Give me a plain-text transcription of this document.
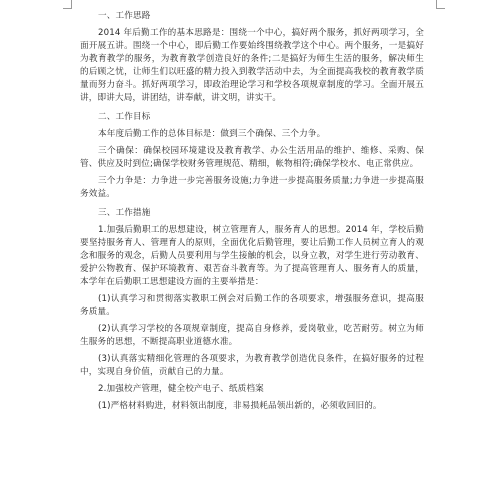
一、工作思路

2014 年后勤工作的基本思路是：围绕一个中心，搞好两个服务，抓好两项学习，全面开展五讲。围绕一个中心，即后勤工作要始终围绕教学这个中心。两个服务，一是搞好为教育教学的服务，为教育教学创造良好的条件;二是搞好为师生生活的服务，解决师生的后顾之忧，让师生们以旺盛的精力投入到教学活动中去，为全面提高我校的教育教学质量而努力奋斗。抓好两项学习，即政治理论学习和学校各项规章制度的学习。全面开展五讲，即讲大局，讲团结，讲奉献，讲文明，讲实干。

二、工作目标

本年度后勤工作的总体目标是：做到三个确保、三个力争。

三个确保：确保校园环境建设及教育教学、办公生活用品的维护、维修、采购、保管、供应及时到位;确保学校财务管理规范、精细，帐物相符;确保学校水、电正常供应。

三个力争是：力争进一步完善服务设施;力争进一步提高服务质量;力争进一步提高服务效益。

三、工作措施

1.加强后勤职工的思想建设，树立管理育人，服务育人的思想。2014 年，学校后勤要坚持服务育人、管理育人的原则，全面优化后勤管理，要让后勤工作人员树立育人的观念和服务的观念，后勤人员要利用与学生接触的机会，以身立教，对学生进行劳动教育、爱护公物教育、保护环境教育、艰苦奋斗教育等。为了提高管理育人、服务育人的质量，本学年在后勤职工思想建设方面的主要举措是：

(1)认真学习和贯彻落实教职工例会对后勤工作的各项要求，增强服务意识，提高服务质量。

(2)认真学习学校的各项规章制度，提高自身修养，爱岗敬业，吃苦耐劳。树立为师生服务的思想，不断提高职业道德水准。

(3)认真落实精细化管理的各项要求，为教育教学创造优良条件，在搞好服务的过程中，实现自身价值，贡献自己的力量。

2.加强校产管理，健全校产电子、纸质档案

(1)严格材料购进，材料领出制度，非易损耗品领出新的，必须收回旧的。
